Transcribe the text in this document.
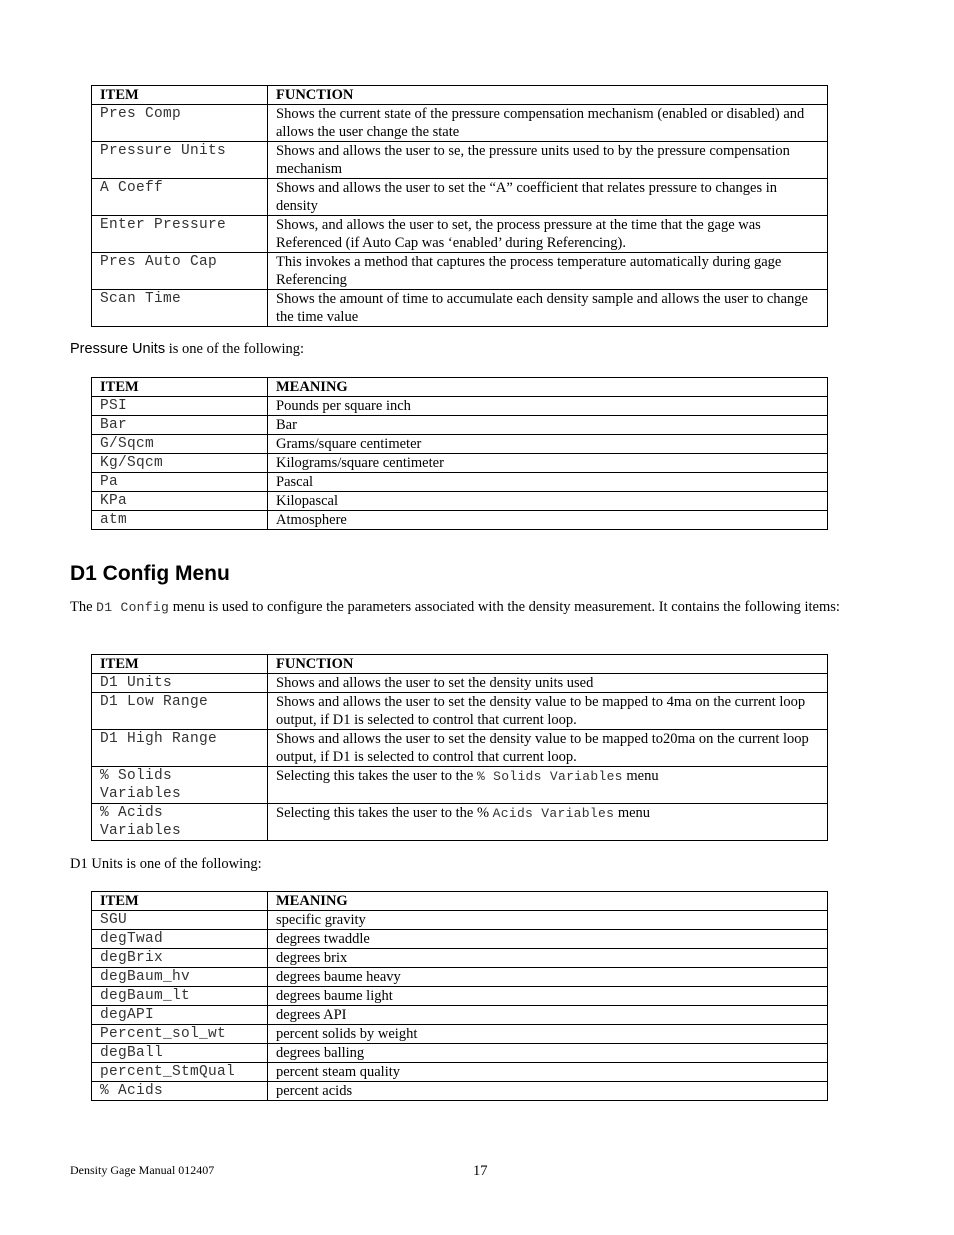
ITEM	FUNCTION
Pres Comp	Shows the current state of the pressure compensation mechanism (enabled or disabled) and allows the user change the state
Pressure Units	Shows and allows the user to se, the pressure units used to by the pressure compensation mechanism
A Coeff	Shows and allows the user to set the “A” coefficient that relates pressure to changes in density
Enter Pressure	Shows, and allows the user to set, the process pressure at the time that the gage was Referenced (if Auto Cap was ‘enabled’ during Referencing).
Pres Auto Cap	This invokes a method that captures the process temperature automatically during gage Referencing
Scan Time	Shows the amount of time to accumulate each density sample and allows the user to change the time value
Pressure Units is one of the following:
ITEM	MEANING
PSI	Pounds per square inch
Bar	Bar
G/Sqcm	Grams/square centimeter
Kg/Sqcm	Kilograms/square centimeter
Pa	Pascal
KPa	Kilopascal
atm	Atmosphere
D1 Config Menu
The D1 Config menu is used to configure the parameters associated with the density measurement. It contains the following items:
ITEM	FUNCTION
D1 Units	Shows and allows the user to set the density units used
D1 Low Range	Shows and allows the user to set the density value to be mapped to 4ma on the current loop output, if D1 is selected to control that current loop.
D1 High Range	Shows and allows the user to set the density value to be mapped to20ma on the current loop output, if D1 is selected to control that current loop.
% Solids
Variables	Selecting this takes the user to the % Solids Variables menu
% Acids
Variables	Selecting this takes the user to the % Acids Variables menu
D1 Units is one of the following:
ITEM	MEANING
SGU	specific gravity
degTwad	degrees twaddle
degBrix	degrees brix
degBaum_hv	degrees baume heavy
degBaum_lt	degrees baume light
degAPI	degrees API
Percent_sol_wt	percent solids by weight
degBall	degrees balling
percent_StmQual	percent steam quality
% Acids	percent acids
Density Gage Manual 012407	17
